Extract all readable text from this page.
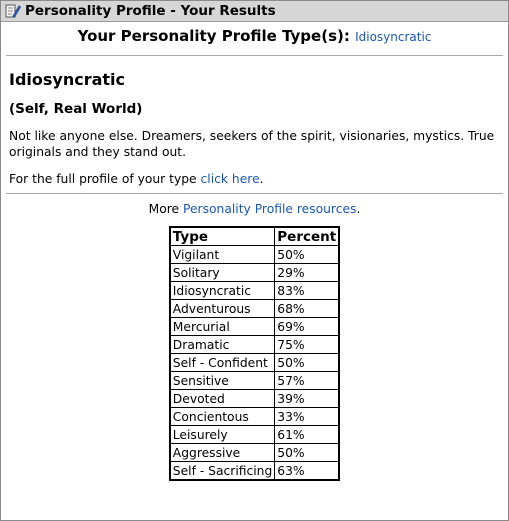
Personality Profile - Your Results
Your Personality Profile Type(s): Idiosyncratic
Idiosyncratic
(Self, Real World)
Not like anyone else. Dreamers, seekers of the spirit, visionaries, mystics. True originals and they stand out.
For the full profile of your type click here.
More Personality Profile resources.
Type	Percent
Vigilant	50%
Solitary	29%
Idiosyncratic	83%
Adventurous	68%
Mercurial	69%
Dramatic	75%
Self - Confident	50%
Sensitive	57%
Devoted	39%
Concientous	33%
Leisurely	61%
Aggressive	50%
Self - Sacrificing	63%
